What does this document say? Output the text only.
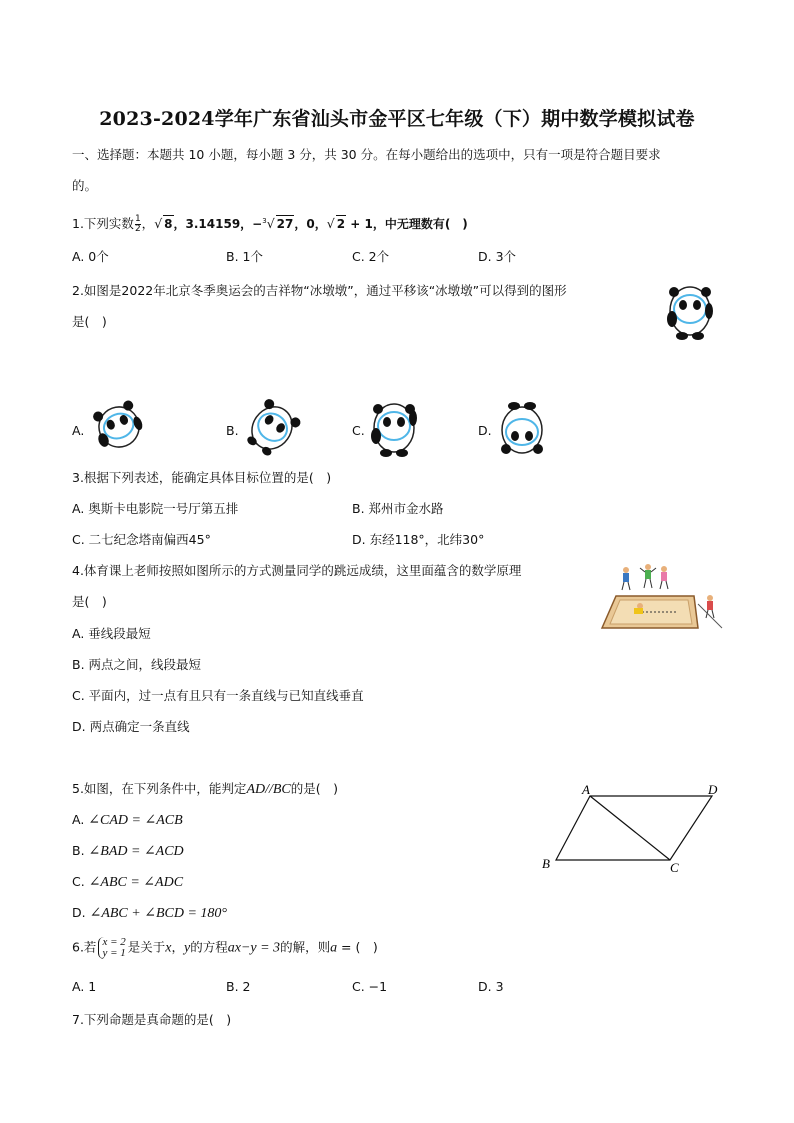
2023-2024学年广东省汕头市金平区七年级（下）期中数学模拟试卷
一、选择题：本题共 10 小题，每小题 3 分，共 30 分。在每小题给出的选项中，只有一项是符合题目要求
的。
1.下列实数 $\frac{1}{2}$ ，√ 8，3.14159，−$^3$√ 27，0，√ 2 + 1，中无理数有(　)
A. 0个	B. 1个	C. 2个	D. 3个
2.如图是2022年北京冬季奥运会的吉祥物“冰墩墩”，通过平移该“冰墩墩”可以得到的图形
是(　)
A.	B.	C.	D.
3.根据下列表述，能确定具体目标位置的是(　)
A. 奥斯卡电影院一号厅第五排	B. 郑州市金水路
C. 二七纪念塔南偏西45°	D. 东经118°，北纬30°
4.体育课上老师按照如图所示的方式测量同学的跳远成绩，这里面蕴含的数学原理
是(　)
A. 垂线段最短
B. 两点之间，线段最短
C. 平面内，过一点有且只有一条直线与已知直线垂直
D. 两点确定一条直线
5.如图，在下列条件中，能判定AD//BC的是(　)
A. ∠CAD = ∠ACB
B. ∠BAD = ∠ACD
C. ∠ABC = ∠ADC
D. ∠ABC + ∠BCD = 180°
A	D
B	C
6.若 x = 2
y = 1 是关于x，y的方程ax−y = 3的解，则a = (　)
A. 1	B. 2	C. −1	D. 3
7.下列命题是真命题的是(　)
